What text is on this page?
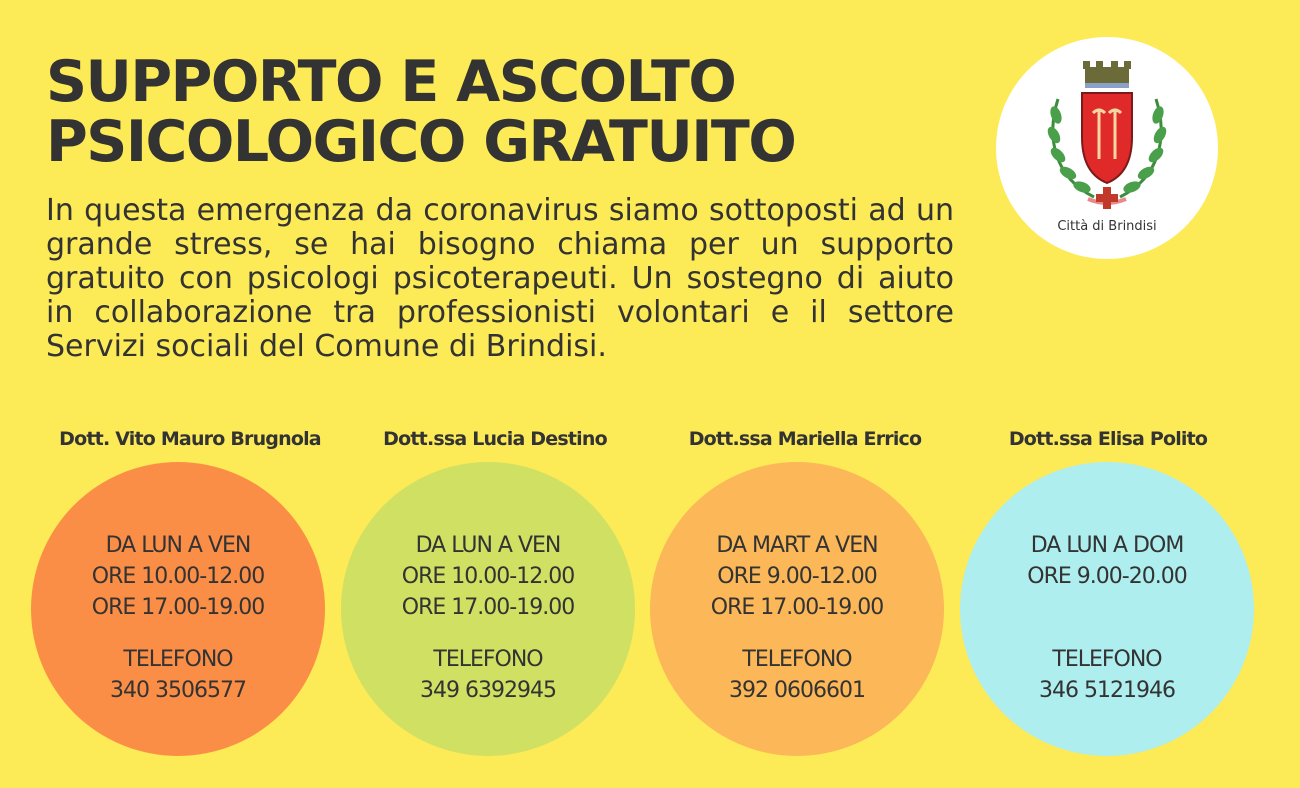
SUPPORTO E ASCOLTO
PSICOLOGICO GRATUITO

In questa emergenza da coronavirus siamo sottoposti ad un grande stress, se hai bisogno chiama per un supporto gratuito con psicologi psicoterapeuti. Un sostegno di aiuto in collaborazione tra professionisti volontari e il settore Servizi sociali del Comune di Brindisi.

Città di Brindisi
Dott. Vito Mauro Brugnola
DA LUN A VEN
ORE 10.00-12.00
ORE 17.00-19.00
TELEFONO
340 3506577
Dott.ssa Lucia Destino
DA LUN A VEN
ORE 10.00-12.00
ORE 17.00-19.00
TELEFONO
349 6392945
Dott.ssa Mariella Errico
DA MART A VEN
ORE 9.00-12.00
ORE 17.00-19.00
TELEFONO
392 0606601
Dott.ssa Elisa Polito
DA LUN A DOM
ORE 9.00-20.00
TELEFONO
346 5121946
